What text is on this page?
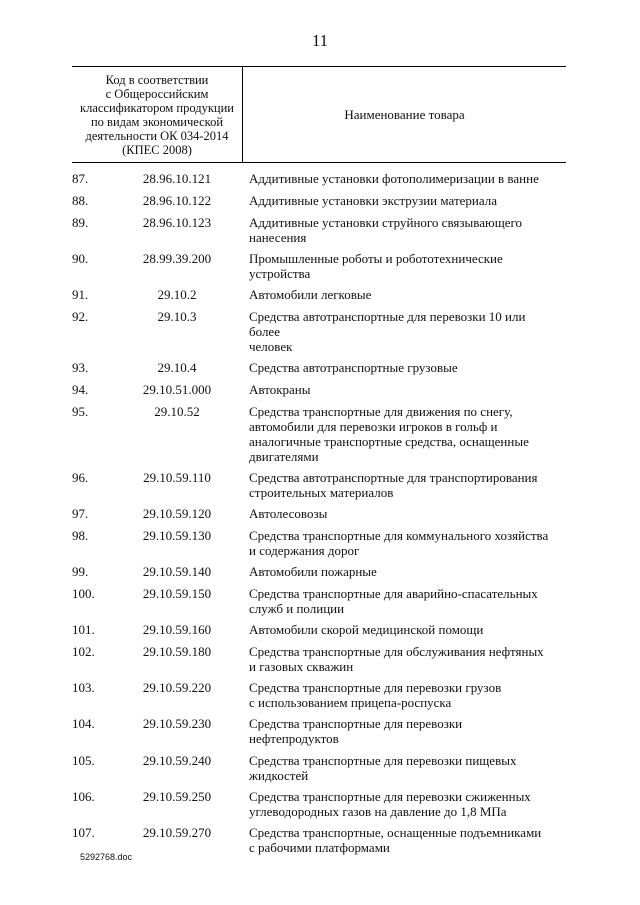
11
Код в соответствии
с Общероссийским
классификатором продукции
по видам экономической
деятельности ОК 034-2014
(КПЕС 2008)
Наименование товара
87.	28.96.10.121	Аддитивные установки фотополимеризации в ванне
88.	28.96.10.122	Аддитивные установки экструзии материала
89.	28.96.10.123	Аддитивные установки струйного связывающего
нанесения
90.	28.99.39.200	Промышленные роботы и робототехнические
устройства
91.	29.10.2	Автомобили легковые
92.	29.10.3	Средства автотранспортные для перевозки 10 или более
человек
93.	29.10.4	Средства автотранспортные грузовые
94.	29.10.51.000	Автокраны
95.	29.10.52	Средства транспортные для движения по снегу,
автомобили для перевозки игроков в гольф и
аналогичные транспортные средства, оснащенные
двигателями
96.	29.10.59.110	Средства автотранспортные для транспортирования
строительных материалов
97.	29.10.59.120	Автолесовозы
98.	29.10.59.130	Средства транспортные для коммунального хозяйства
и содержания дорог
99.	29.10.59.140	Автомобили пожарные
100.	29.10.59.150	Средства транспортные для аварийно-спасательных
служб и полиции
101.	29.10.59.160	Автомобили скорой медицинской помощи
102.	29.10.59.180	Средства транспортные для обслуживания нефтяных
и газовых скважин
103.	29.10.59.220	Средства транспортные для перевозки грузов
с использованием прицепа-роспуска
104.	29.10.59.230	Средства транспортные для перевозки нефтепродуктов
105.	29.10.59.240	Средства транспортные для перевозки пищевых
жидкостей
106.	29.10.59.250	Средства транспортные для перевозки сжиженных
углеводородных газов на давление до 1,8 МПа
107.	29.10.59.270	Средства транспортные, оснащенные подъемниками
с рабочими платформами
5292768.doc
